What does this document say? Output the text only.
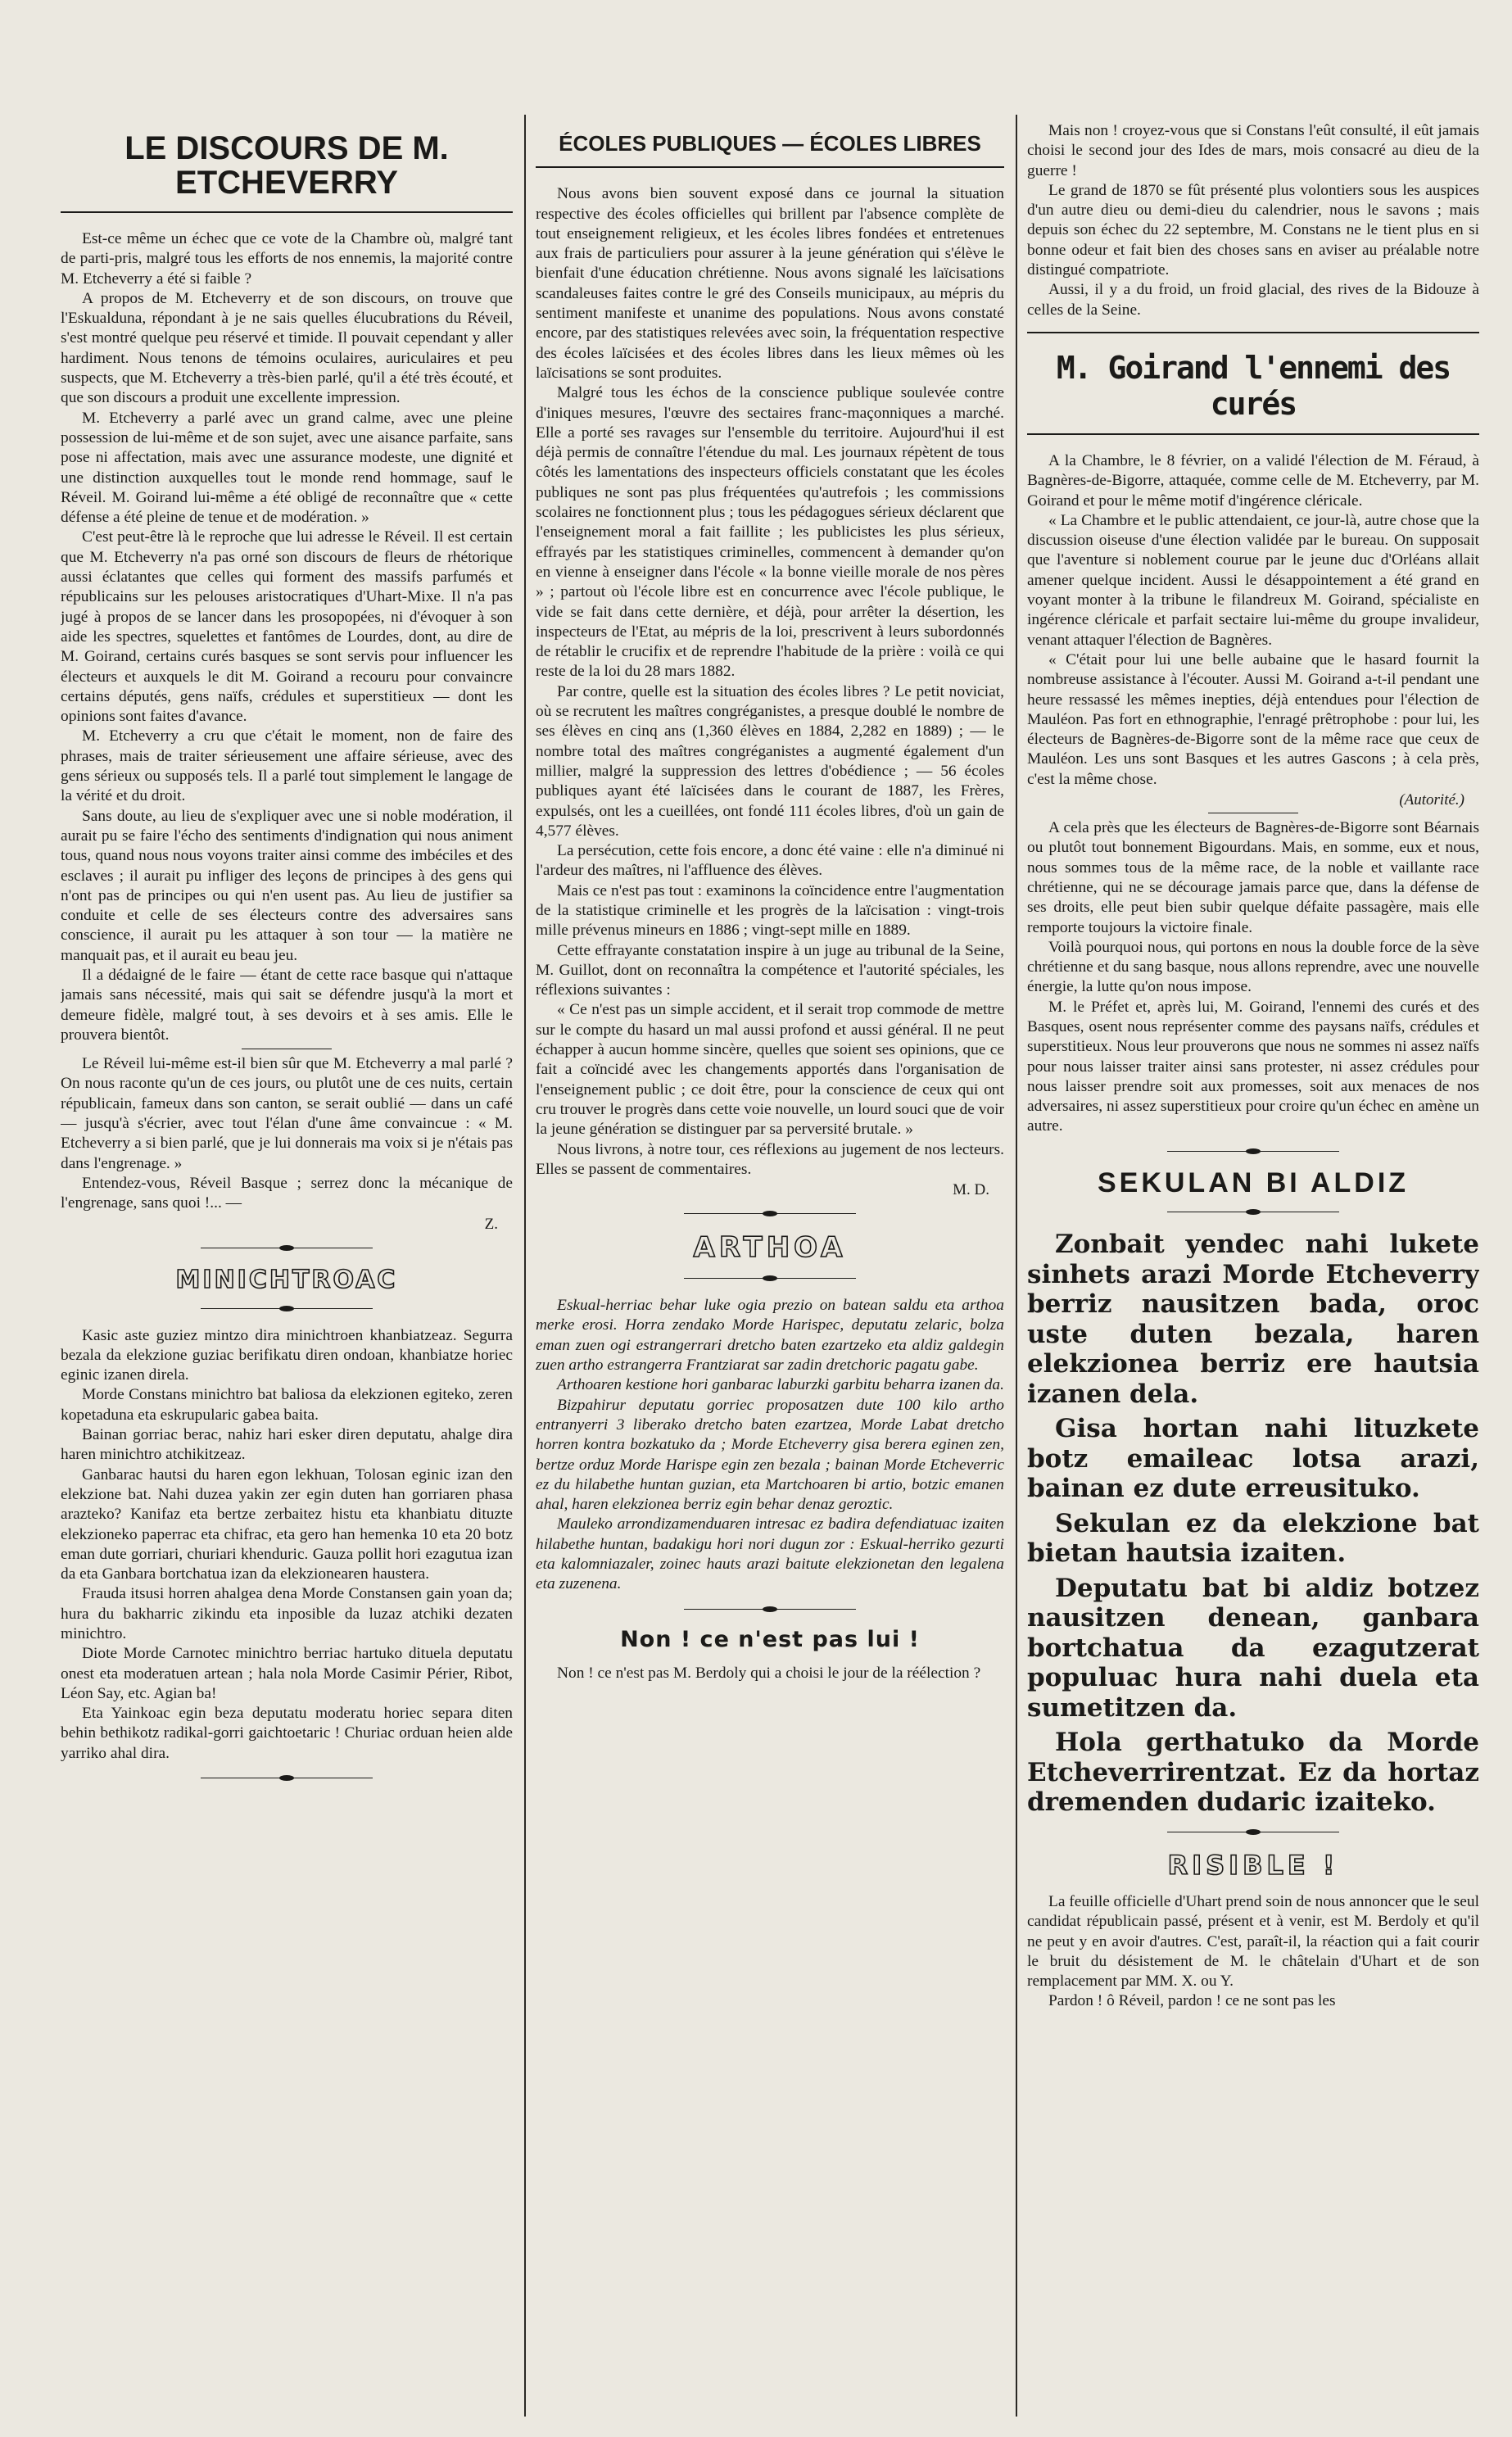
LE DISCOURS DE M. ETCHEVERRY

Est-ce même un échec que ce vote de la Chambre où, malgré tant de parti-pris, malgré tous les efforts de nos ennemis, la majorité contre M. Etcheverry a été si faible ?

A propos de M. Etcheverry et de son discours, on trouve que l'Eskualduna, répondant à je ne sais quelles élucubrations du Réveil, s'est montré quelque peu réservé et timide. Il pouvait cependant y aller hardiment. Nous tenons de témoins oculaires, auriculaires et peu suspects, que M. Etcheverry a très-bien parlé, qu'il a été très écouté, et que son discours a produit une excellente impression.

M. Etcheverry a parlé avec un grand calme, avec une pleine possession de lui-même et de son sujet, avec une aisance parfaite, sans pose ni affectation, mais avec une assurance modeste, une dignité et une distinction auxquelles tout le monde rend hommage, sauf le Réveil. M. Goirand lui-même a été obligé de reconnaître que « cette défense a été pleine de tenue et de modération. »

C'est peut-être là le reproche que lui adresse le Réveil. Il est certain que M. Etcheverry n'a pas orné son discours de fleurs de rhétorique aussi éclatantes que celles qui forment des massifs parfumés et républicains sur les pelouses aristocratiques d'Uhart-Mixe. Il n'a pas jugé à propos de se lancer dans les prosopopées, ni d'évoquer à son aide les spectres, squelettes et fantômes de Lourdes, dont, au dire de M. Goirand, certains curés basques se sont servis pour influencer les électeurs et auxquels le dit M. Goirand a recouru pour convaincre certains députés, gens naïfs, crédules et superstitieux — dont les opinions sont faites d'avance.

M. Etcheverry a cru que c'était le moment, non de faire des phrases, mais de traiter sérieusement une affaire sérieuse, avec des gens sérieux ou supposés tels. Il a parlé tout simplement le langage de la vérité et du droit.

Sans doute, au lieu de s'expliquer avec une si noble modération, il aurait pu se faire l'écho des sentiments d'indignation qui nous animent tous, quand nous nous voyons traiter ainsi comme des imbéciles et des esclaves ; il aurait pu infliger des leçons de principes à des gens qui n'ont pas de principes ou qui n'en usent pas. Au lieu de justifier sa conduite et celle de ses électeurs contre des adversaires sans conscience, il aurait pu les attaquer à son tour — la matière ne manquait pas, et il aurait eu beau jeu.

Il a dédaigné de le faire — étant de cette race basque qui n'attaque jamais sans nécessité, mais qui sait se défendre jusqu'à la mort et demeure fidèle, malgré tout, à ses devoirs et à ses amis. Elle le prouvera bientôt.

Le Réveil lui-même est-il bien sûr que M. Etcheverry a mal parlé ? On nous raconte qu'un de ces jours, ou plutôt une de ces nuits, certain républicain, fameux dans son canton, se serait oublié — dans un café — jusqu'à s'écrier, avec tout l'élan d'une âme convaincue : « M. Etcheverry a si bien parlé, que je lui donnerais ma voix si je n'étais pas dans l'engrenage. »

Entendez-vous, Réveil Basque ; serrez donc la mécanique de l'engrenage, sans quoi !... —

Z.

MINICHTROAC

Kasic aste guziez mintzo dira minichtroen khanbiatzeaz. Segurra bezala da elekzione guziac berifikatu diren ondoan, khanbiatze horiec eginic izanen direla.

Morde Constans minichtro bat baliosa da elekzionen egiteko, zeren kopetaduna eta eskrupularic gabea baita.

Bainan gorriac berac, nahiz hari esker diren deputatu, ahalge dira haren minichtro atchikitzeaz.

Ganbarac hautsi du haren egon lekhuan, Tolosan eginic izan den elekzione bat. Nahi duzea yakin zer egin duten han gorriaren phasa arazteko? Kanifaz eta bertze zerbaitez histu eta khanbiatu dituzte elekzioneko paperrac eta chifrac, eta gero han hemenka 10 eta 20 botz eman dute gorriari, churiari khenduric. Gauza pollit hori ezagutua izan da eta Ganbara bortchatua izan da elekzionearen haustera.

Frauda itsusi horren ahalgea dena Morde Constansen gain yoan da; hura du bakharric zikindu eta inposible da luzaz atchiki dezaten minichtro.

Diote Morde Carnotec minichtro berriac hartuko dituela deputatu onest eta moderatuen artean ; hala nola Morde Casimir Périer, Ribot, Léon Say, etc. Agian ba!

Eta Yainkoac egin beza deputatu moderatu horiec separa diten behin bethikotz radikal-gorri gaichtoetaric ! Churiac orduan heien alde yarriko ahal dira.

ÉCOLES PUBLIQUES — ÉCOLES LIBRES

Nous avons bien souvent exposé dans ce journal la situation respective des écoles officielles qui brillent par l'absence complète de tout enseignement religieux, et les écoles libres fondées et entretenues aux frais de particuliers pour assurer à la jeune génération qui s'élève le bienfait d'une éducation chrétienne. Nous avons signalé les laïcisations scandaleuses faites contre le gré des Conseils municipaux, au mépris du sentiment manifeste et unanime des populations. Nous avons constaté encore, par des statistiques relevées avec soin, la fréquentation respective des écoles laïcisées et des écoles libres dans les lieux mêmes où les laïcisations se sont produites.

Malgré tous les échos de la conscience publique soulevée contre d'iniques mesures, l'œuvre des sectaires franc-maçonniques a marché. Elle a porté ses ravages sur l'ensemble du territoire. Aujourd'hui il est déjà permis de connaître l'étendue du mal. Les journaux répètent de tous côtés les lamentations des inspecteurs officiels constatant que les écoles publiques ne sont pas plus fréquentées qu'autrefois ; les commissions scolaires ne fonctionnent plus ; tous les pédagogues sérieux déclarent que l'enseignement moral a fait faillite ; les publicistes les plus sérieux, effrayés par les statistiques criminelles, commencent à demander qu'on en vienne à enseigner dans l'école « la bonne vieille morale de nos pères » ; partout où l'école libre est en concurrence avec l'école publique, le vide se fait dans cette dernière, et déjà, pour arrêter la désertion, les inspecteurs de l'Etat, au mépris de la loi, prescrivent à leurs subordonnés de rétablir le crucifix et de reprendre l'habitude de la prière : voilà ce qui reste de la loi du 28 mars 1882.

Par contre, quelle est la situation des écoles libres ? Le petit noviciat, où se recrutent les maîtres congréganistes, a presque doublé le nombre de ses élèves en cinq ans (1,360 élèves en 1884, 2,282 en 1889) ; — le nombre total des maîtres congréganistes a augmenté également d'un millier, malgré la suppression des lettres d'obédience ; — 56 écoles publiques ayant été laïcisées dans le courant de 1887, les Frères, expulsés, ont les a cueillées, ont fondé 111 écoles libres, d'où un gain de 4,577 élèves.

La persécution, cette fois encore, a donc été vaine : elle n'a diminué ni l'ardeur des maîtres, ni l'affluence des élèves.

Mais ce n'est pas tout : examinons la coïncidence entre l'augmentation de la statistique criminelle et les progrès de la laïcisation : vingt-trois mille prévenus mineurs en 1886 ; vingt-sept mille en 1889.

Cette effrayante constatation inspire à un juge au tribunal de la Seine, M. Guillot, dont on reconnaîtra la compétence et l'autorité spéciales, les réflexions suivantes :

« Ce n'est pas un simple accident, et il serait trop commode de mettre sur le compte du hasard un mal aussi profond et aussi général. Il ne peut échapper à aucun homme sincère, quelles que soient ses opinions, que ce fait a coïncidé avec les changements apportés dans l'organisation de l'enseignement public ; ce doit être, pour la conscience de ceux qui ont cru trouver le progrès dans cette voie nouvelle, un lourd souci que de voir la jeune génération se distinguer par sa perversité brutale. »

Nous livrons, à notre tour, ces réflexions au jugement de nos lecteurs. Elles se passent de commentaires.

M. D.

ARTHOA

Eskual-herriac behar luke ogia prezio on batean saldu eta arthoa merke erosi. Horra zendako Morde Harispec, deputatu zelaric, bolza eman zuen ogi estrangerrari dretcho baten ezartzeko eta aldiz galdegin zuen artho estrangerra Frantziarat sar zadin dretchoric pagatu gabe.

Arthoaren kestione hori ganbarac laburzki garbitu beharra izanen da.

Bizpahirur deputatu gorriec proposatzen dute 100 kilo artho entranyerri 3 liberako dretcho baten ezartzea, Morde Labat dretcho horren kontra bozkatuko da ; Morde Etcheverry gisa berera eginen zen, bertze orduz Morde Harispe egin zen bezala ; bainan Morde Etcheverric ez du hilabethe huntan guzian, eta Martchoaren bi artio, botzic emanen ahal, haren elekzionea berriz egin behar denaz geroztic.

Mauleko arrondizamenduaren intresac ez badira defendiatuac izaiten hilabethe huntan, badakigu hori nori dugun zor : Eskual-herriko gezurti eta kalomniazaler, zoinec hauts arazi baitute elekzionetan den legalena eta zuzenena.

Non ! ce n'est pas lui !

Non ! ce n'est pas M. Berdoly qui a choisi le jour de la réélection ?

Mais non ! croyez-vous que si Constans l'eût consulté, il eût jamais choisi le second jour des Ides de mars, mois consacré au dieu de la guerre !

Le grand de 1870 se fût présenté plus volontiers sous les auspices d'un autre dieu ou demi-dieu du calendrier, nous le savons ; mais depuis son échec du 22 septembre, M. Constans ne le tient plus en si bonne odeur et fait bien des choses sans en aviser au préalable notre distingué compatriote.

Aussi, il y a du froid, un froid glacial, des rives de la Bidouze à celles de la Seine.

M. Goirand l'ennemi des curés

A la Chambre, le 8 février, on a validé l'élection de M. Féraud, à Bagnères-de-Bigorre, attaquée, comme celle de M. Etcheverry, par M. Goirand et pour le même motif d'ingérence cléricale.

« La Chambre et le public attendaient, ce jour-là, autre chose que la discussion oiseuse d'une élection validée par le bureau. On supposait que l'aventure si noblement courue par le jeune duc d'Orléans allait amener quelque incident. Aussi le désappointement a été grand en voyant monter à la tribune le filandreux M. Goirand, spécialiste en ingérence cléricale et parfait sectaire lui-même du groupe invalideur, venant attaquer l'élection de Bagnères.

« C'était pour lui une belle aubaine que le hasard fournit la nombreuse assistance à l'écouter. Aussi M. Goirand a-t-il pendant une heure ressassé les mêmes inepties, déjà entendues pour l'élection de Mauléon. Pas fort en ethnographie, l'enragé prêtrophobe : pour lui, les électeurs de Bagnères-de-Bigorre sont de la même race que ceux de Mauléon. Les uns sont Basques et les autres Gascons ; à cela près, c'est la même chose.

(Autorité.)

A cela près que les électeurs de Bagnères-de-Bigorre sont Béarnais ou plutôt tout bonnement Bigourdans. Mais, en somme, eux et nous, nous sommes tous de la même race, de la noble et vaillante race chrétienne, qui ne se décourage jamais parce que, dans la défense de ses droits, elle peut bien subir quelque défaite passagère, mais elle remporte toujours la victoire finale.

Voilà pourquoi nous, qui portons en nous la double force de la sève chrétienne et du sang basque, nous allons reprendre, avec une nouvelle énergie, la lutte qu'on nous impose.

M. le Préfet et, après lui, M. Goirand, l'ennemi des curés et des Basques, osent nous représenter comme des paysans naïfs, crédules et superstitieux. Nous leur prouverons que nous ne sommes ni assez naïfs pour nous laisser traiter ainsi sans protester, ni assez crédules pour nous laisser prendre soit aux promesses, soit aux menaces de nos adversaires, ni assez superstitieux pour croire qu'un échec en amène un autre.

SEKULAN BI ALDIZ

Zonbait yendec nahi lukete sinhets arazi Morde Etcheverry berriz nausitzen bada, oroc uste duten bezala, haren elekzionea berriz ere hautsia izanen dela.

Gisa hortan nahi lituzkete botz emaileac lotsa arazi, bainan ez dute erreusituko.

Sekulan ez da elekzione bat bietan hautsia izaiten.

Deputatu bat bi aldiz botzez nausitzen denean, ganbara bortchatua da ezagutzerat populuac hura nahi duela eta sumetitzen da.

Hola gerthatuko da Morde Etcheverrirentzat. Ez da hortaz dremenden dudaric izaiteko.

RISIBLE !

La feuille officielle d'Uhart prend soin de nous annoncer que le seul candidat républicain passé, présent et à venir, est M. Berdoly et qu'il ne peut y en avoir d'autres. C'est, paraît-il, la réaction qui a fait courir le bruit du désistement de M. le châtelain d'Uhart et de son remplacement par MM. X. ou Y.

Pardon ! ô Réveil, pardon ! ce ne sont pas les
